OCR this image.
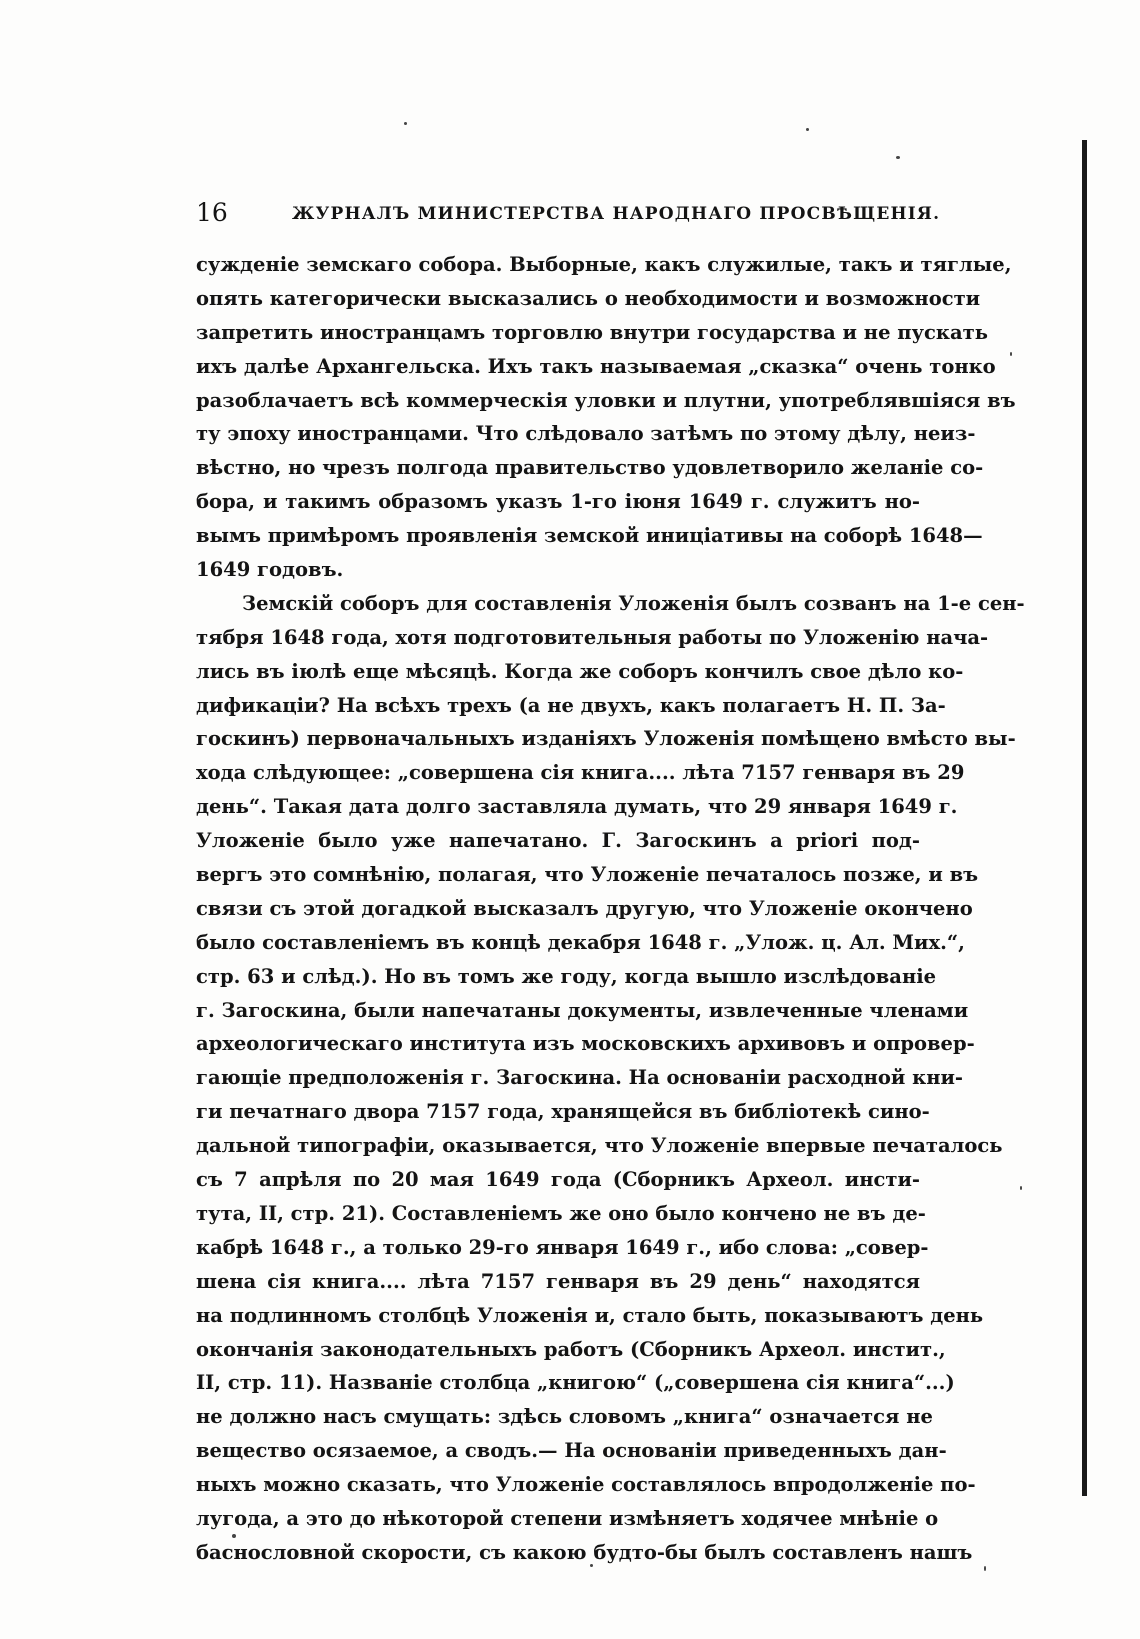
16	ЖУРНАЛЪ МИНИСТЕРСТВА НАРОДНАГО ПРОСВѢЩЕНІЯ.
сужденіе земскаго собора. Выборные, какъ служилые, такъ и тяглые,
опять категорически высказались о необходимости и возможности
запретить иностранцамъ торговлю внутри государства и не пускать
ихъ далѣе Архангельска. Ихъ такъ называемая „сказка“ очень тонко
разоблачаетъ всѣ коммерческія уловки и плутни, употреблявшіяся въ
ту эпоху иностранцами. Что слѣдовало затѣмъ по этому дѣлу, неиз-
вѣстно, но чрезъ полгода правительство удовлетворило желаніе со-
бора, и такимъ образомъ указъ 1-го іюня 1649 г. служитъ но-
вымъ примѣромъ проявленія земской иниціативы на соборѣ 1648—
1649 годовъ.
Земскій соборъ для составленія Уложенія былъ созванъ на 1-е сен-
тября 1648 года, хотя подготовительныя работы по Уложенію нача-
лись въ іюлѣ еще мѣсяцѣ. Когда же соборъ кончилъ свое дѣло ко-
дификаціи? На всѣхъ трехъ (а не двухъ, какъ полагаетъ Н. П. За-
госкинъ) первоначальныхъ изданіяхъ Уложенія помѣщено вмѣсто вы-
хода слѣдующее: „совершена сія книга.... лѣта 7157 генваря въ 29
день“. Такая дата долго заставляла думать, что 29 января 1649 г.
Уложеніе было уже напечатано. Г. Загоскинъ a priori под-
вергъ это сомнѣнію, полагая, что Уложеніе печаталось позже, и въ
связи съ этой догадкой высказалъ другую, что Уложеніе окончено
было составленіемъ въ концѣ декабря 1648 г. „Улож. ц. Ал. Мих.“,
стр. 63 и слѣд.). Но въ томъ же году, когда вышло изслѣдованіе
г. Загоскина, были напечатаны документы, извлеченные членами
археологическаго института изъ московскихъ архивовъ и опровер-
гающіе предположенія г. Загоскина. На основаніи расходной кни-
ги печатнаго двора 7157 года, хранящейся въ библіотекѣ сино-
дальной типографіи, оказывается, что Уложеніе впервые печаталось
съ 7 апрѣля по 20 мая 1649 года (Сборникъ Археол. инсти-
тута, II, стр. 21). Составленіемъ же оно было кончено не въ де-
кабрѣ 1648 г., а только 29-го января 1649 г., ибо слова: „совер-
шена сія книга.... лѣта 7157 генваря въ 29 день“ находятся
на подлинномъ столбцѣ Уложенія и, стало быть, показываютъ день
окончанія законодательныхъ работъ (Сборникъ Археол. инстит.,
II, стр. 11). Названіе столбца „книгою“ („совершена сія книга“...)
не должно насъ смущать: здѣсь словомъ „книга“ означается не
вещество осязаемое, а сводъ.— На основаніи приведенныхъ дан-
ныхъ можно сказать, что Уложеніе составлялось впродолженіе по-
лугода, а это до нѣкоторой степени измѣняетъ ходячее мнѣніе о
баснословной скорости, съ какою будто-бы былъ составленъ нашъ
